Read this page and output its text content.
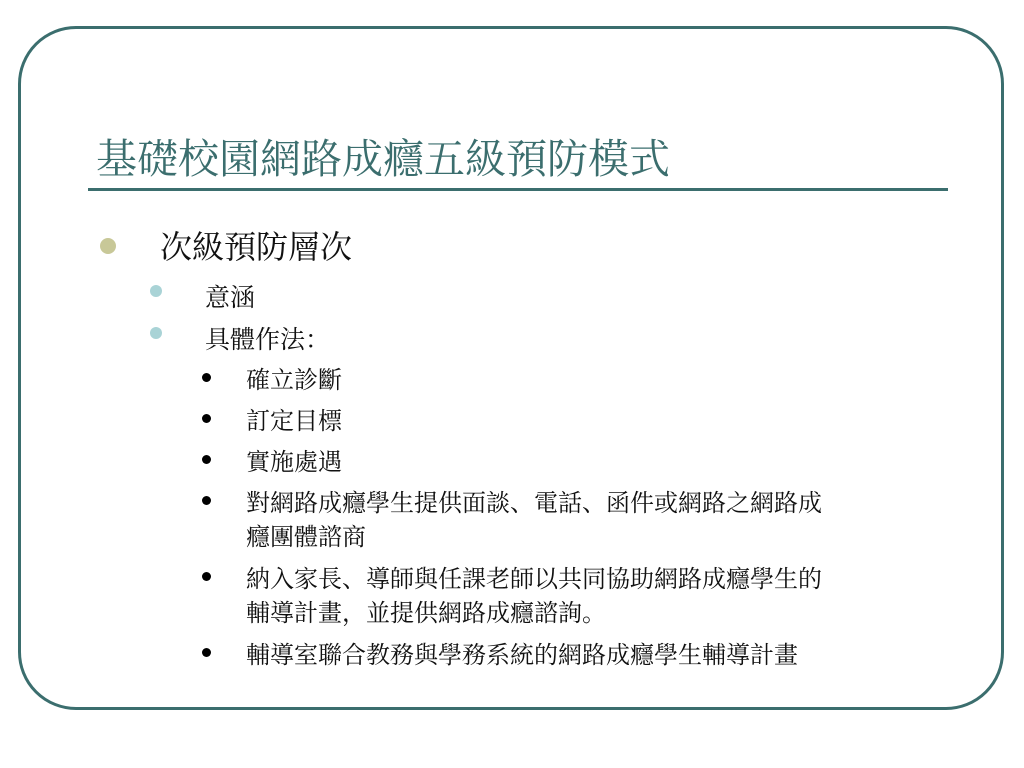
基礎校園網路成癮五級預防模式
次級預防層次
意涵
具體作法：
確立診斷
訂定目標
實施處遇
對網路成癮學生提供面談、電話、函件或網路之網路成
癮團體諮商
納入家長、導師與任課老師以共同協助網路成癮學生的
輔導計畫，並提供網路成癮諮詢。
輔導室聯合教務與學務系統的網路成癮學生輔導計畫
